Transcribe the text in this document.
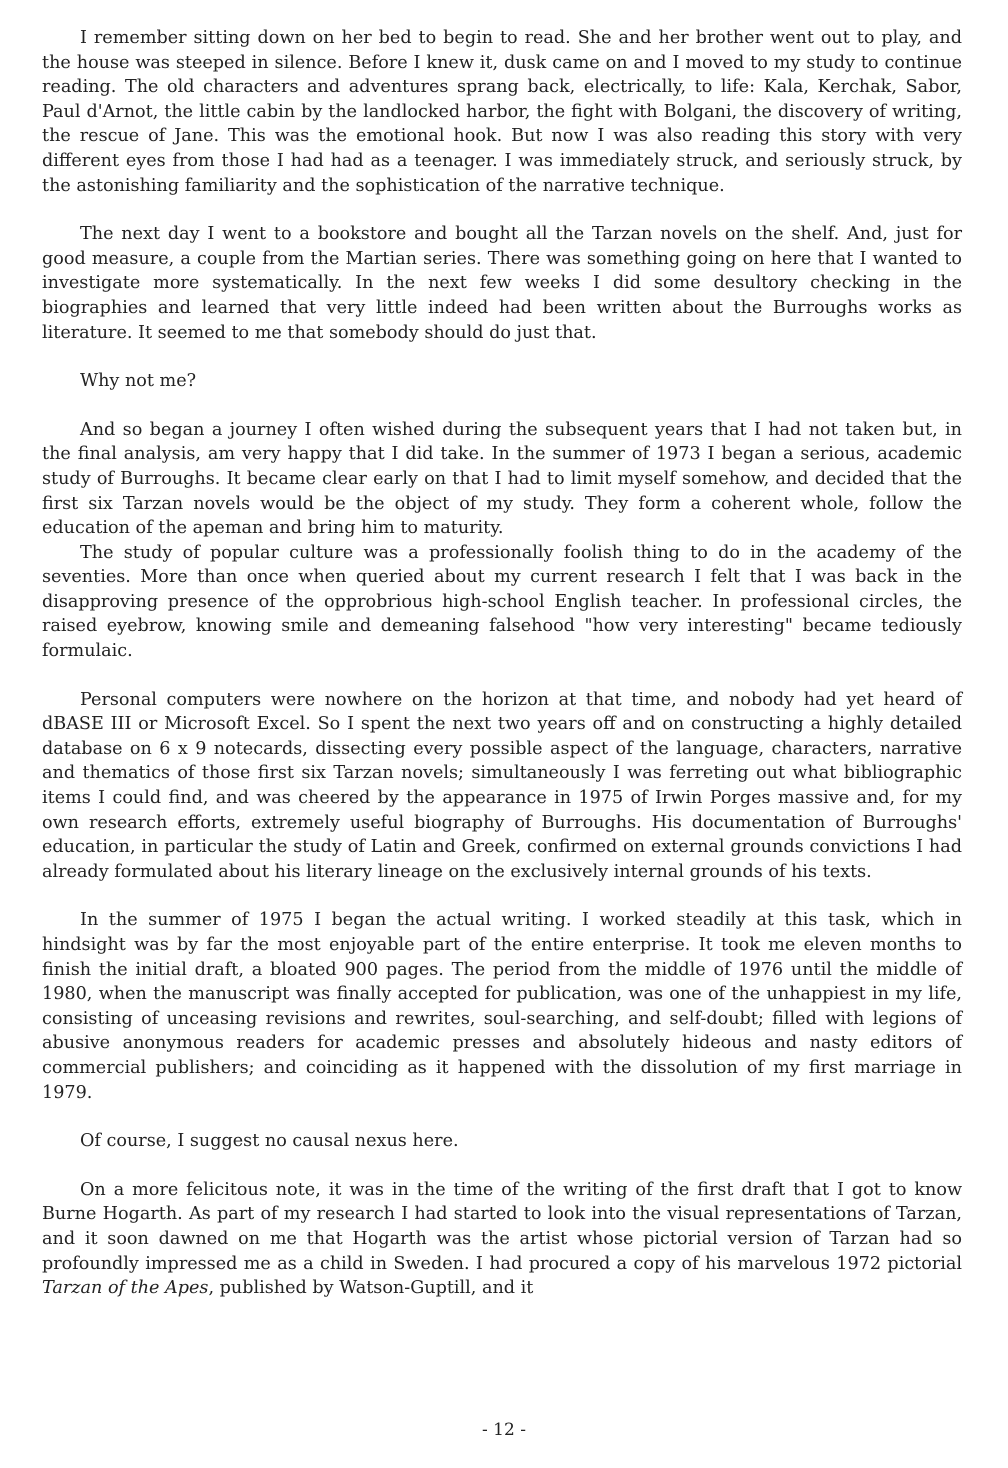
I remember sitting down on her bed to begin to read. She and her brother went out to play, and the house was steeped in silence. Before I knew it, dusk came on and I moved to my study to continue reading. The old characters and adventures sprang back, electrically, to life: Kala, Kerchak, Sabor, Paul d'Arnot, the little cabin by the landlocked harbor, the fight with Bolgani, the discovery of writing, the rescue of Jane. This was the emotional hook. But now I was also reading this story with very different eyes from those I had had as a teenager. I was immediately struck, and seriously struck, by the astonishing familiarity and the sophistication of the narrative technique.

The next day I went to a bookstore and bought all the Tarzan novels on the shelf. And, just for good measure, a couple from the Martian series. There was something going on here that I wanted to investigate more systematically. In the next few weeks I did some desultory checking in the biographies and learned that very little indeed had been written about the Burroughs works as literature. It seemed to me that somebody should do just that.

Why not me?

And so began a journey I often wished during the subsequent years that I had not taken but, in the final analysis, am very happy that I did take. In the summer of 1973 I began a serious, academic study of Burroughs. It became clear early on that I had to limit myself somehow, and decided that the first six Tarzan novels would be the object of my study. They form a coherent whole, follow the education of the apeman and bring him to maturity.

The study of popular culture was a professionally foolish thing to do in the academy of the seventies. More than once when queried about my current research I felt that I was back in the disapproving presence of the opprobrious high-school English teacher. In professional circles, the raised eyebrow, knowing smile and demeaning falsehood "how very interesting" became tediously formulaic.

Personal computers were nowhere on the horizon at that time, and nobody had yet heard of dBASE III or Microsoft Excel. So I spent the next two years off and on constructing a highly detailed database on 6 x 9 notecards, dissecting every possible aspect of the language, characters, narrative and thematics of those first six Tarzan novels; simultaneously I was ferreting out what bibliographic items I could find, and was cheered by the appearance in 1975 of Irwin Porges massive and, for my own research efforts, extremely useful biography of Burroughs. His documentation of Burroughs' education, in particular the study of Latin and Greek, confirmed on external grounds convictions I had already formulated about his literary lineage on the exclusively internal grounds of his texts.

In the summer of 1975 I began the actual writing. I worked steadily at this task, which in hindsight was by far the most enjoyable part of the entire enterprise. It took me eleven months to finish the initial draft, a bloated 900 pages. The period from the middle of 1976 until the middle of 1980, when the manuscript was finally accepted for publication, was one of the unhappiest in my life, consisting of unceasing revisions and rewrites, soul-searching, and self-doubt; filled with legions of abusive anonymous readers for academic presses and absolutely hideous and nasty editors of commercial publishers; and coinciding as it happened with the dissolution of my first marriage in 1979.

Of course, I suggest no causal nexus here.

On a more felicitous note, it was in the time of the writing of the first draft that I got to know Burne Hogarth. As part of my research I had started to look into the visual representations of Tarzan, and it soon dawned on me that Hogarth was the artist whose pictorial version of Tarzan had so profoundly impressed me as a child in Sweden. I had procured a copy of his marvelous 1972 pictorial Tarzan of the Apes, published by Watson-Guptill, and it

- 12 -
